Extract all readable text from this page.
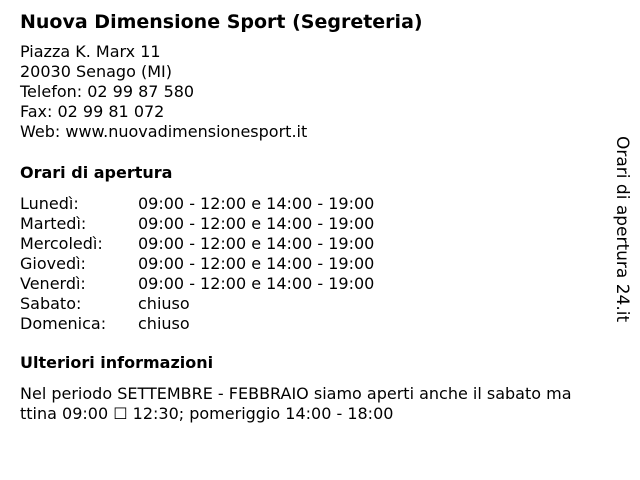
Nuova Dimensione Sport (Segreteria)
Piazza K. Marx 11
20030 Senago (MI)
Telefon: 02 99 87 580
Fax: 02 99 81 072
Web: www.nuovadimensionesport.it
Orari di apertura
Lunedì:	09:00 - 12:00 e 14:00 - 19:00
Martedì:	09:00 - 12:00 e 14:00 - 19:00
Mercoledì:	09:00 - 12:00 e 14:00 - 19:00
Giovedì:	09:00 - 12:00 e 14:00 - 19:00
Venerdì:	09:00 - 12:00 e 14:00 - 19:00
Sabato:	chiuso
Domenica:	chiuso
Ulteriori informazioni
Nel periodo SETTEMBRE - FEBBRAIO siamo aperti anche il sabato ma
ttina 09:00 ☐ 12:30; pomeriggio 14:00 - 18:00
Orari di apertura 24.it
